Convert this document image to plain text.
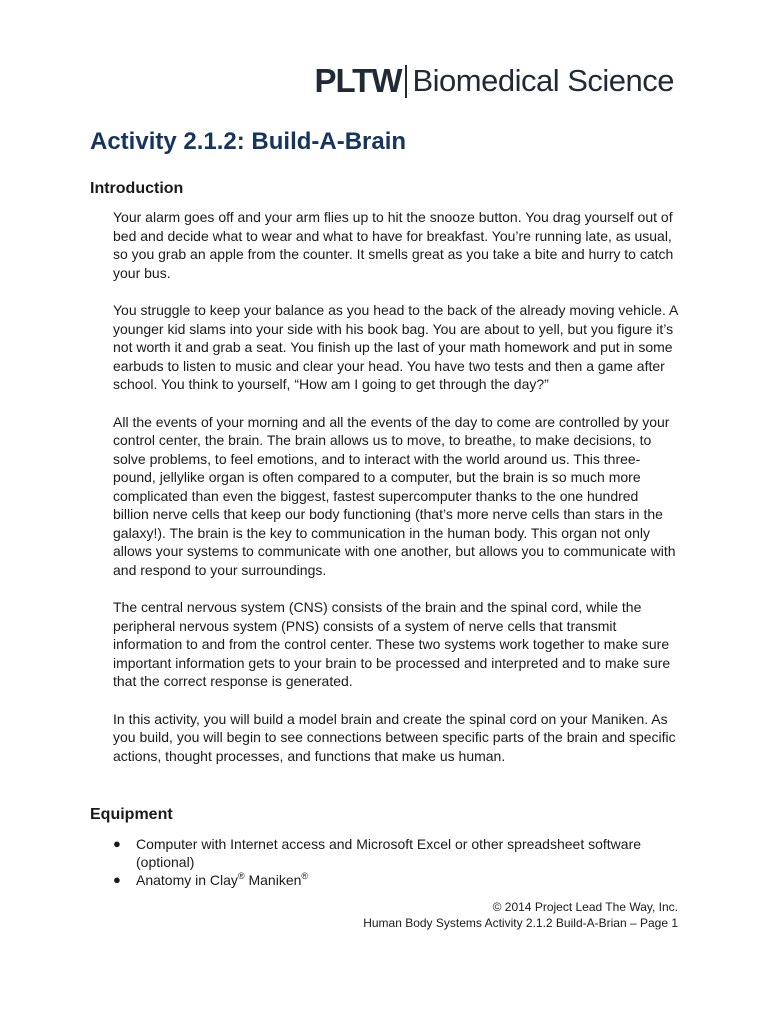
PLTW Biomedical Science
Activity 2.1.2: Build-A-Brain
Introduction

Your alarm goes off and your arm flies up to hit the snooze button. You drag yourself out of bed and decide what to wear and what to have for breakfast. You’re running late, as usual, so you grab an apple from the counter. It smells great as you take a bite and hurry to catch your bus.

You struggle to keep your balance as you head to the back of the already moving vehicle. A younger kid slams into your side with his book bag. You are about to yell, but you figure it’s not worth it and grab a seat. You finish up the last of your math homework and put in some earbuds to listen to music and clear your head. You have two tests and then a game after school. You think to yourself, “How am I going to get through the day?”

All the events of your morning and all the events of the day to come are controlled by your control center, the brain. The brain allows us to move, to breathe, to make decisions, to solve problems, to feel emotions, and to interact with the world around us. This three-pound, jellylike organ is often compared to a computer, but the brain is so much more complicated than even the biggest, fastest supercomputer thanks to the one hundred billion nerve cells that keep our body functioning (that’s more nerve cells than stars in the galaxy!). The brain is the key to communication in the human body. This organ not only allows your systems to communicate with one another, but allows you to communicate with and respond to your surroundings.

The central nervous system (CNS) consists of the brain and the spinal cord, while the peripheral nervous system (PNS) consists of a system of nerve cells that transmit information to and from the control center. These two systems work together to make sure important information gets to your brain to be processed and interpreted and to make sure that the correct response is generated.

In this activity, you will build a model brain and create the spinal cord on your Maniken. As you build, you will begin to see connections between specific parts of the brain and specific actions, thought processes, and functions that make us human.

Equipment
● Computer with Internet access and Microsoft Excel or other spreadsheet software (optional)
● Anatomy in Clay® Maniken®
© 2014 Project Lead The Way, Inc.
Human Body Systems Activity 2.1.2 Build-A-Brian – Page 1
